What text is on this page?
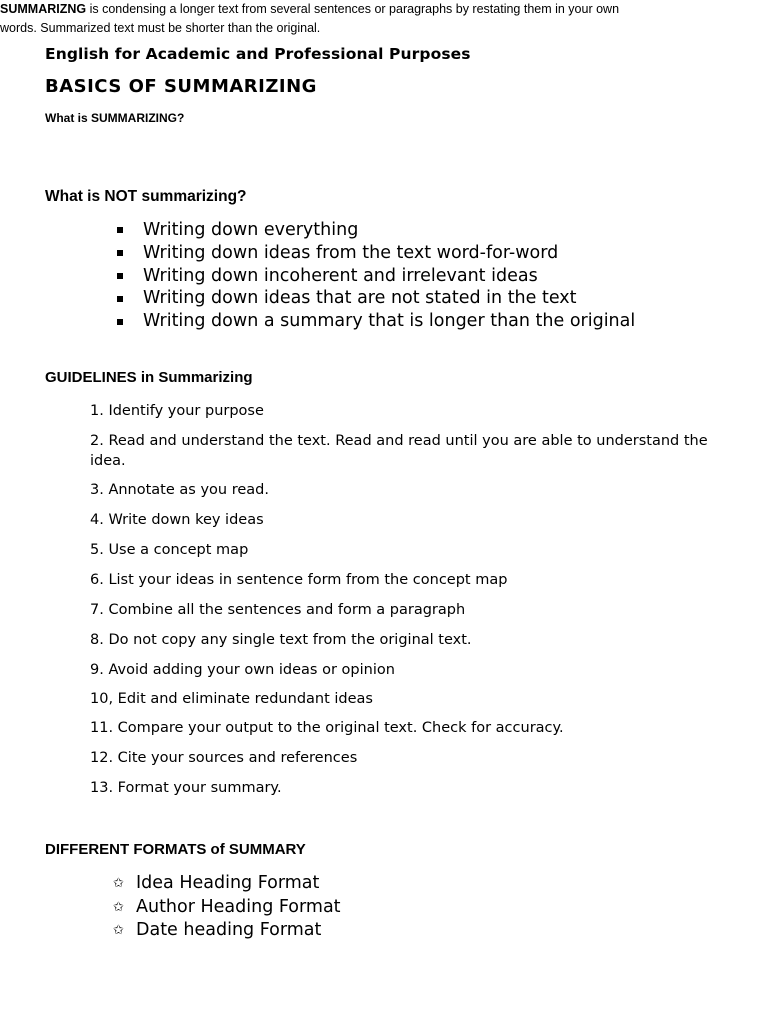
English for Academic and Professional Purposes
BASICS OF SUMMARIZING
What is SUMMARIZING?
SUMMARIZNG is condensing a longer text from several sentences or paragraphs by restating them in your own words. Summarized text must be shorter than the original.
What is NOT summarizing?
Writing down everything
Writing down ideas from the text word-for-word
Writing down incoherent and irrelevant ideas
Writing down ideas that are not stated in the text
Writing down a summary that is longer than the original
GUIDELINES in Summarizing
1. Identify your purpose
2. Read and understand the text. Read and read until you are able to understand the idea.
3. Annotate as you read.
4. Write down key ideas
5. Use a concept map
6. List your ideas in sentence form from the concept map
7. Combine all the sentences and form a paragraph
8. Do not copy any single text from the original text.
9. Avoid adding your own ideas or opinion
10, Edit and eliminate redundant ideas
11. Compare your output to the original text. Check for accuracy.
12. Cite your sources and references
13. Format your summary.
DIFFERENT FORMATS of SUMMARY
✩ Idea Heading Format
✩ Author Heading Format
✩ Date heading Format
